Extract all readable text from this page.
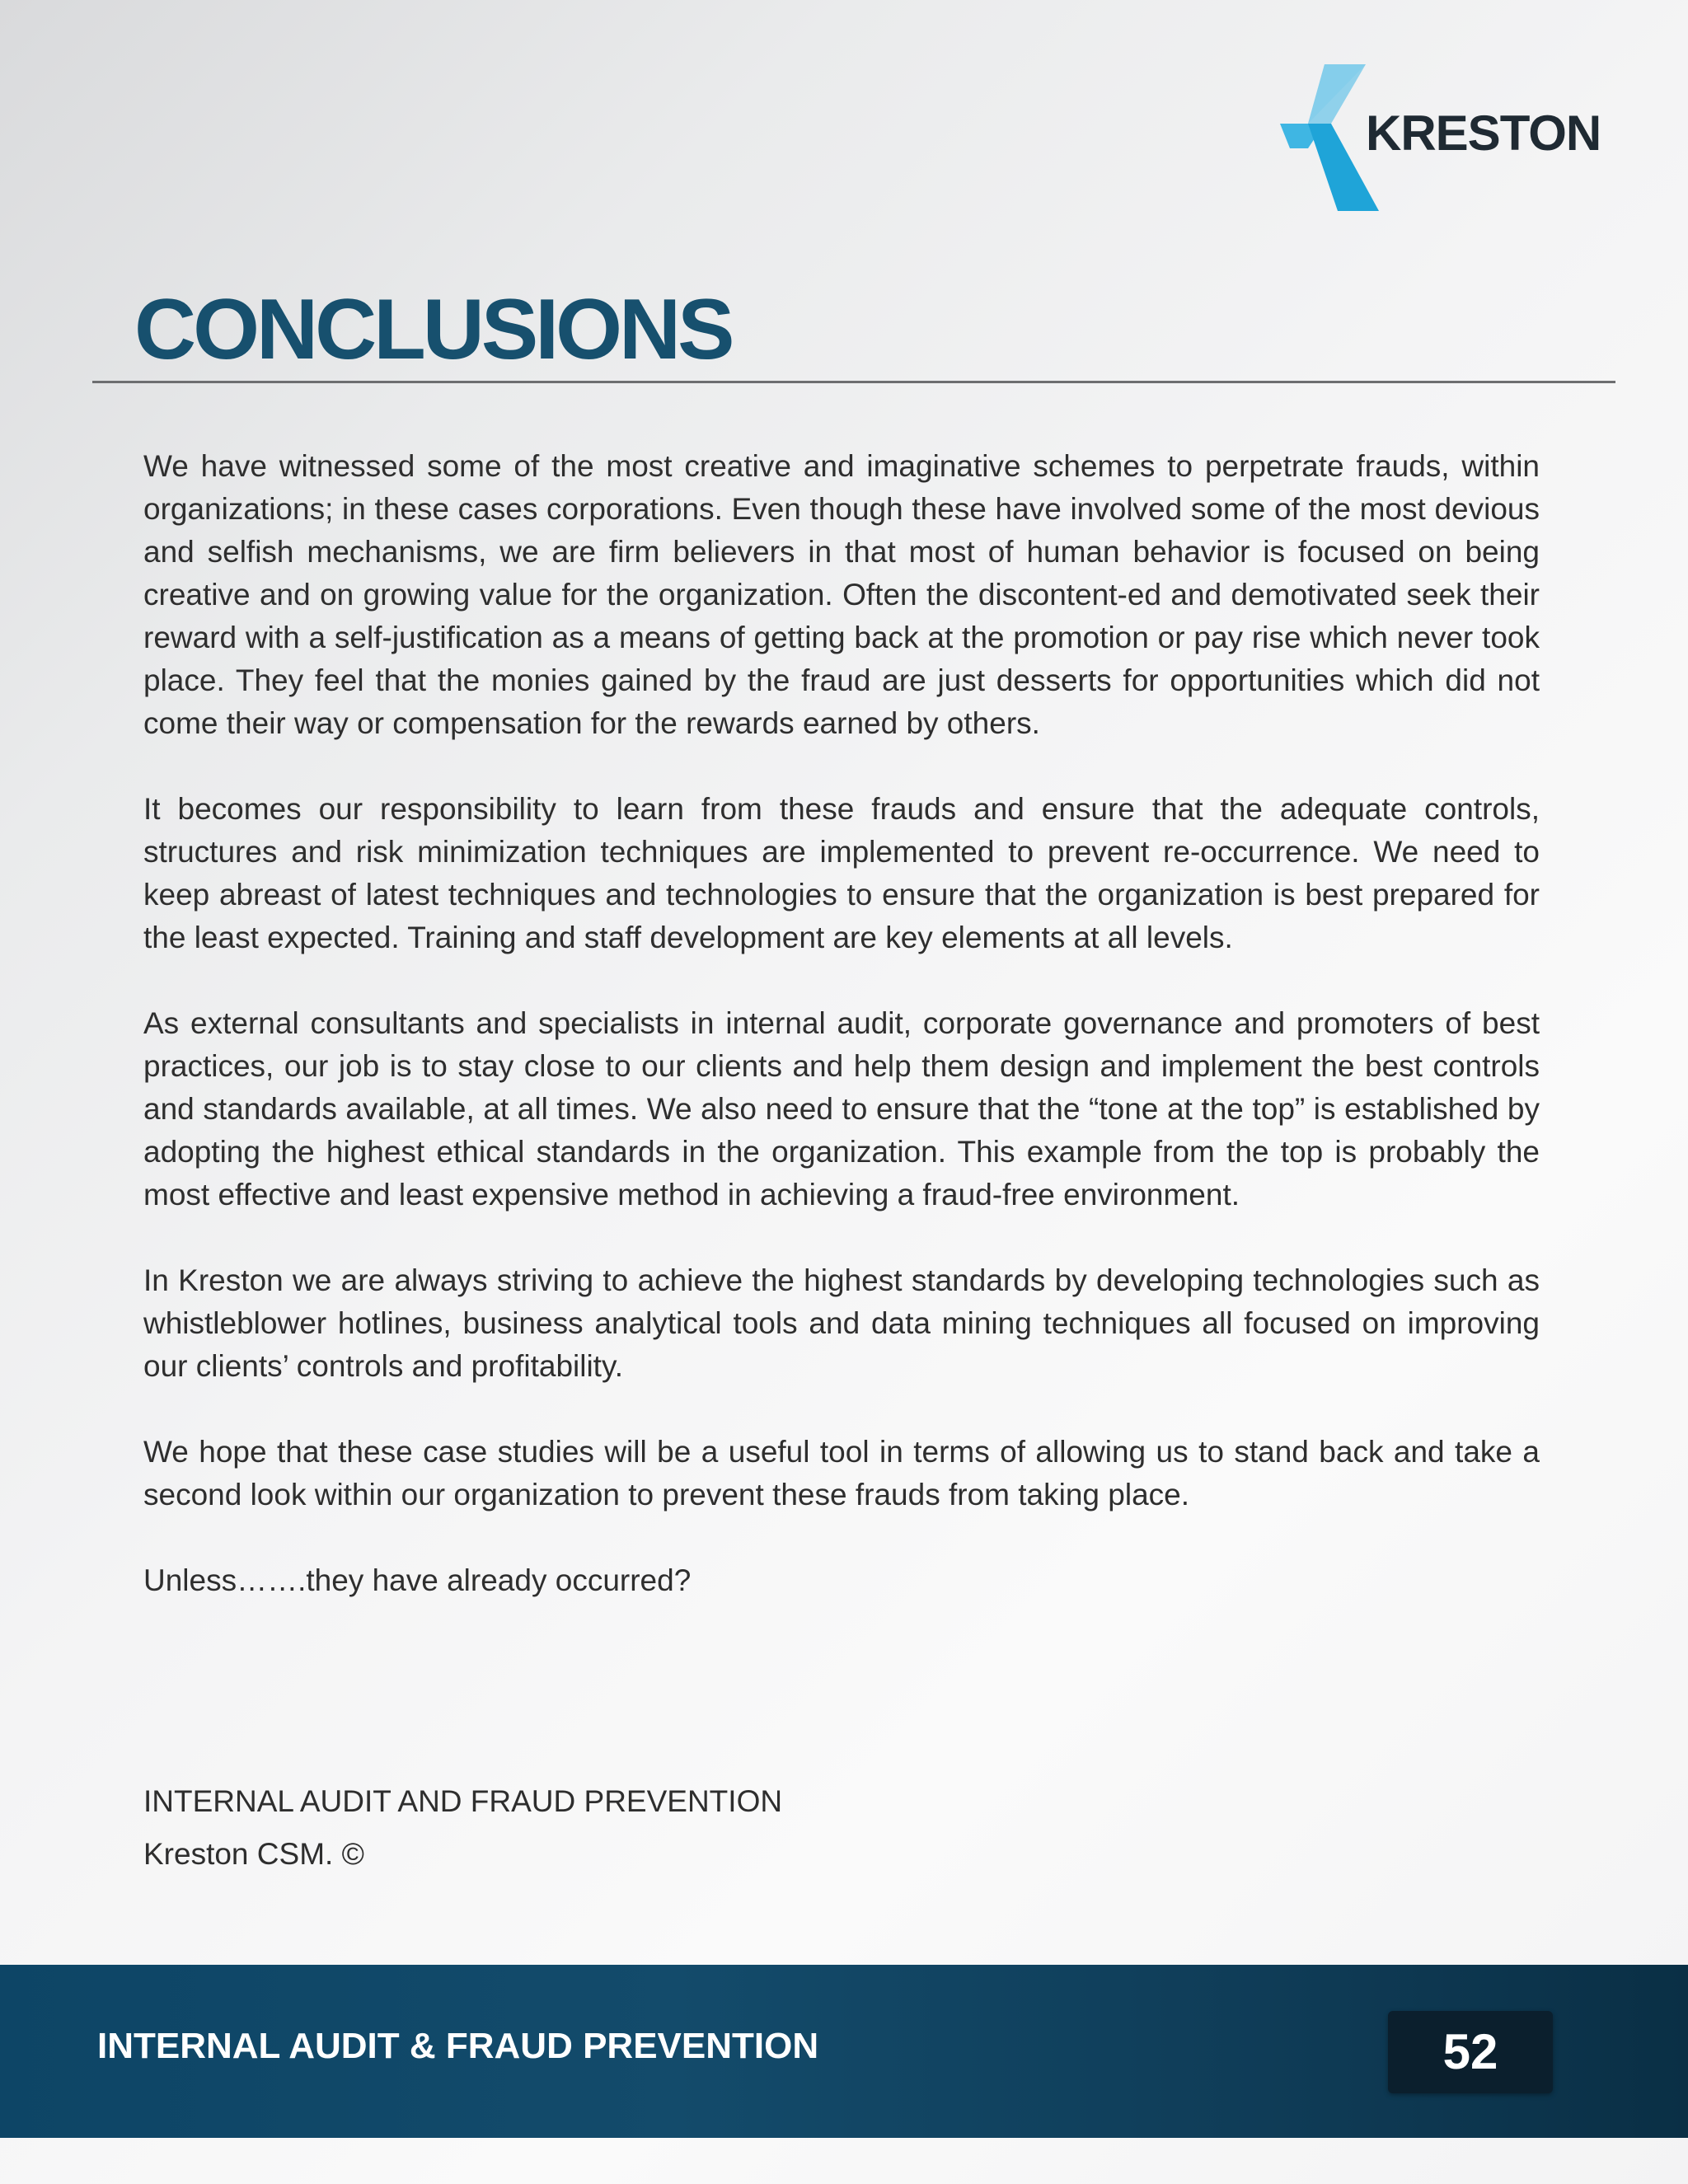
KRESTON
CONCLUSIONS

We have witnessed some of the most creative and imaginative schemes to perpetrate frauds, within organizations; in these cases corporations. Even though these have involved some of the most devious and selfish mechanisms, we are firm believers in that most of human behavior is focused on being creative and on growing value for the organization. Often the discontent-ed and demotivated seek their reward with a self-justification as a means of getting back at the promotion or pay rise which never took place. They feel that the monies gained by the fraud are just desserts for opportunities which did not come their way or compensation for the rewards earned by others.

It becomes our responsibility to learn from these frauds and ensure that the adequate controls, structures and risk minimization techniques are implemented to prevent re-occurrence. We need to keep abreast of latest techniques and technologies to ensure that the organization is best prepared for the least expected. Training and staff development are key elements at all levels.

As external consultants and specialists in internal audit, corporate governance and promoters of best practices, our job is to stay close to our clients and help them design and implement the best controls and standards available, at all times. We also need to ensure that the “tone at the top” is established by adopting the highest ethical standards in the organization. This example from the top is probably the most effective and least expensive method in achieving a fraud-free environment.

In Kreston we are always striving to achieve the highest standards by developing technologies such as whistleblower hotlines, business analytical tools and data mining techniques all focused on improving our clients’ controls and profitability.

We hope that these case studies will be a useful tool in terms of allowing us to stand back and take a second look within our organization to prevent these frauds from taking place.

Unless…….they have already occurred?

INTERNAL AUDIT AND FRAUD PREVENTION
Kreston CSM. ©
INTERNAL AUDIT & FRAUD PREVENTION	52
